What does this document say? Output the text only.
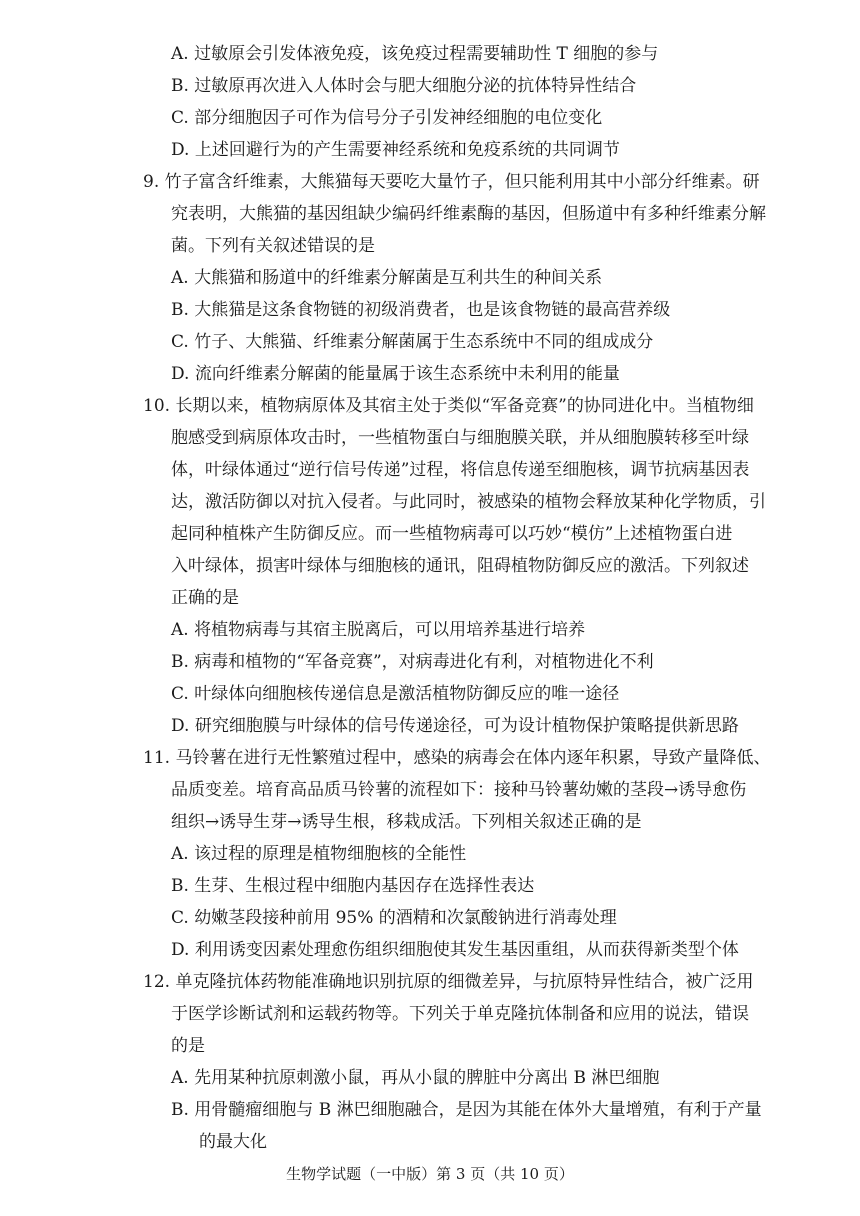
A. 过敏原会引发体液免疫，该免疫过程需要辅助性 T 细胞的参与
B. 过敏原再次进入人体时会与肥大细胞分泌的抗体特异性结合
C. 部分细胞因子可作为信号分子引发神经细胞的电位变化
D. 上述回避行为的产生需要神经系统和免疫系统的共同调节
9. 竹子富含纤维素，大熊猫每天要吃大量竹子，但只能利用其中小部分纤维素。研
究表明，大熊猫的基因组缺少编码纤维素酶的基因，但肠道中有多种纤维素分解
菌。下列有关叙述错误的是
A. 大熊猫和肠道中的纤维素分解菌是互利共生的种间关系
B. 大熊猫是这条食物链的初级消费者，也是该食物链的最高营养级
C. 竹子、大熊猫、纤维素分解菌属于生态系统中不同的组成成分
D. 流向纤维素分解菌的能量属于该生态系统中未利用的能量
10. 长期以来，植物病原体及其宿主处于类似“军备竞赛”的协同进化中。当植物细
胞感受到病原体攻击时，一些植物蛋白与细胞膜关联，并从细胞膜转移至叶绿
体，叶绿体通过“逆行信号传递”过程，将信息传递至细胞核，调节抗病基因表
达，激活防御以对抗入侵者。与此同时，被感染的植物会释放某种化学物质，引
起同种植株产生防御反应。而一些植物病毒可以巧妙“模仿”上述植物蛋白进
入叶绿体，损害叶绿体与细胞核的通讯，阻碍植物防御反应的激活。下列叙述
正确的是
A. 将植物病毒与其宿主脱离后，可以用培养基进行培养
B. 病毒和植物的“军备竞赛”，对病毒进化有利，对植物进化不利
C. 叶绿体向细胞核传递信息是激活植物防御反应的唯一途径
D. 研究细胞膜与叶绿体的信号传递途径，可为设计植物保护策略提供新思路
11. 马铃薯在进行无性繁殖过程中，感染的病毒会在体内逐年积累，导致产量降低、
品质变差。培育高品质马铃薯的流程如下：接种马铃薯幼嫩的茎段→诱导愈伤
组织→诱导生芽→诱导生根，移栽成活。下列相关叙述正确的是
A. 该过程的原理是植物细胞核的全能性
B. 生芽、生根过程中细胞内基因存在选择性表达
C. 幼嫩茎段接种前用 95% 的酒精和次氯酸钠进行消毒处理
D. 利用诱变因素处理愈伤组织细胞使其发生基因重组，从而获得新类型个体
12. 单克隆抗体药物能准确地识别抗原的细微差异，与抗原特异性结合，被广泛用
于医学诊断试剂和运载药物等。下列关于单克隆抗体制备和应用的说法，错误
的是
A. 先用某种抗原刺激小鼠，再从小鼠的脾脏中分离出 B 淋巴细胞
B. 用骨髓瘤细胞与 B 淋巴细胞融合，是因为其能在体外大量增殖，有利于产量
的最大化
生物学试题（一中版）第 3 页（共 10 页）
